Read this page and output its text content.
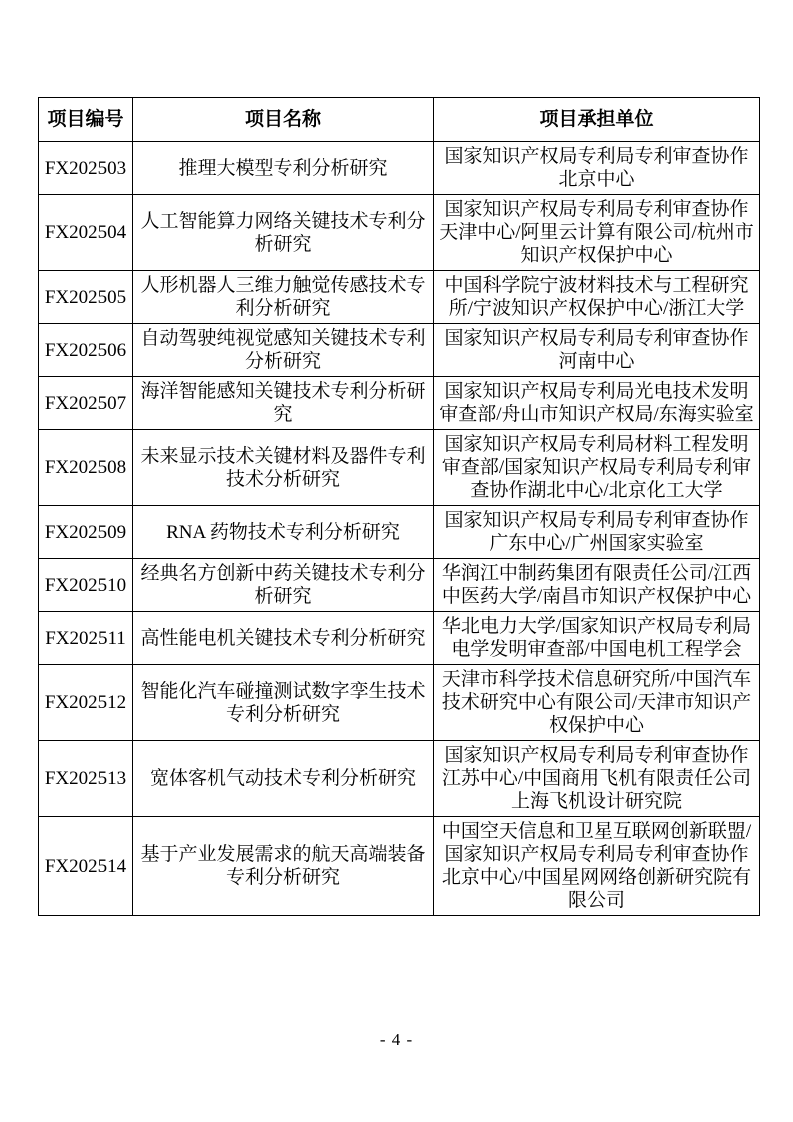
项目编号	项目名称	项目承担单位
FX202503	推理大模型专利分析研究	国家知识产权局专利局专利审查协作北京中心
FX202504	人工智能算力网络关键技术专利分析研究	国家知识产权局专利局专利审查协作天津中心/阿里云计算有限公司/杭州市知识产权保护中心
FX202505	人形机器人三维力触觉传感技术专利分析研究	中国科学院宁波材料技术与工程研究所/宁波知识产权保护中心/浙江大学
FX202506	自动驾驶纯视觉感知关键技术专利分析研究	国家知识产权局专利局专利审查协作河南中心
FX202507	海洋智能感知关键技术专利分析研究	国家知识产权局专利局光电技术发明审查部/舟山市知识产权局/东海实验室
FX202508	未来显示技术关键材料及器件专利技术分析研究	国家知识产权局专利局材料工程发明审查部/国家知识产权局专利局专利审查协作湖北中心/北京化工大学
FX202509	RNA 药物技术专利分析研究	国家知识产权局专利局专利审查协作广东中心/广州国家实验室
FX202510	经典名方创新中药关键技术专利分析研究	华润江中制药集团有限责任公司/江西中医药大学/南昌市知识产权保护中心
FX202511	高性能电机关键技术专利分析研究	华北电力大学/国家知识产权局专利局电学发明审查部/中国电机工程学会
FX202512	智能化汽车碰撞测试数字孪生技术专利分析研究	天津市科学技术信息研究所/中国汽车技术研究中心有限公司/天津市知识产权保护中心
FX202513	宽体客机气动技术专利分析研究	国家知识产权局专利局专利审查协作江苏中心/中国商用飞机有限责任公司上海飞机设计研究院
FX202514	基于产业发展需求的航天高端装备专利分析研究	中国空天信息和卫星互联网创新联盟/国家知识产权局专利局专利审查协作北京中心/中国星网网络创新研究院有限公司
- 4 -
